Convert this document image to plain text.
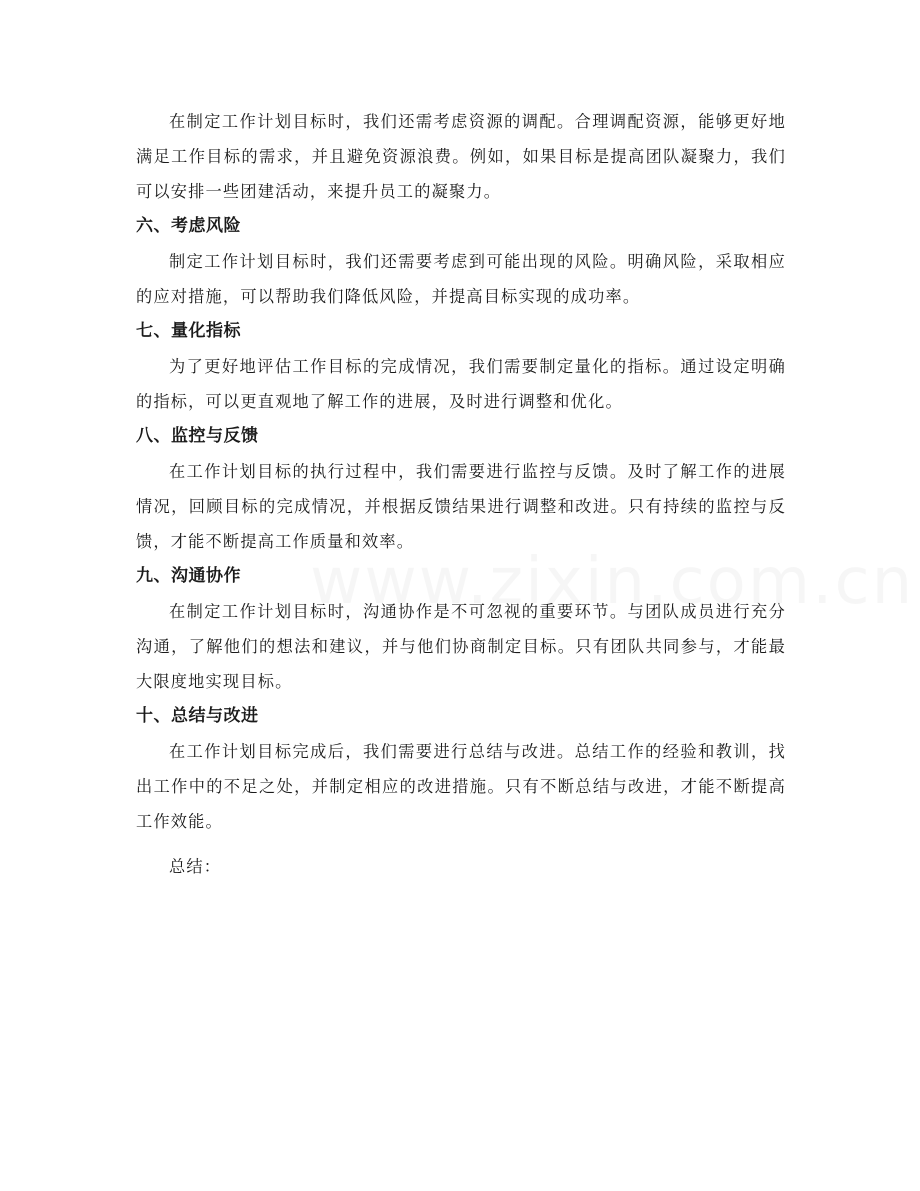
在制定工作计划目标时，我们还需考虑资源的调配。合理调配资源，能够更好地满足工作目标的需求，并且避免资源浪费。例如，如果目标是提高团队凝聚力，我们可以安排一些团建活动，来提升员工的凝聚力。

六、考虑风险

制定工作计划目标时，我们还需要考虑到可能出现的风险。明确风险，采取相应的应对措施，可以帮助我们降低风险，并提高目标实现的成功率。

七、量化指标

为了更好地评估工作目标的完成情况，我们需要制定量化的指标。通过设定明确的指标，可以更直观地了解工作的进展，及时进行调整和优化。

八、监控与反馈

在工作计划目标的执行过程中，我们需要进行监控与反馈。及时了解工作的进展情况，回顾目标的完成情况，并根据反馈结果进行调整和改进。只有持续的监控与反馈，才能不断提高工作质量和效率。

九、沟通协作

在制定工作计划目标时，沟通协作是不可忽视的重要环节。与团队成员进行充分沟通，了解他们的想法和建议，并与他们协商制定目标。只有团队共同参与，才能最大限度地实现目标。

十、总结与改进

在工作计划目标完成后，我们需要进行总结与改进。总结工作的经验和教训，找出工作中的不足之处，并制定相应的改进措施。只有不断总结与改进，才能不断提高工作效能。

总结：
